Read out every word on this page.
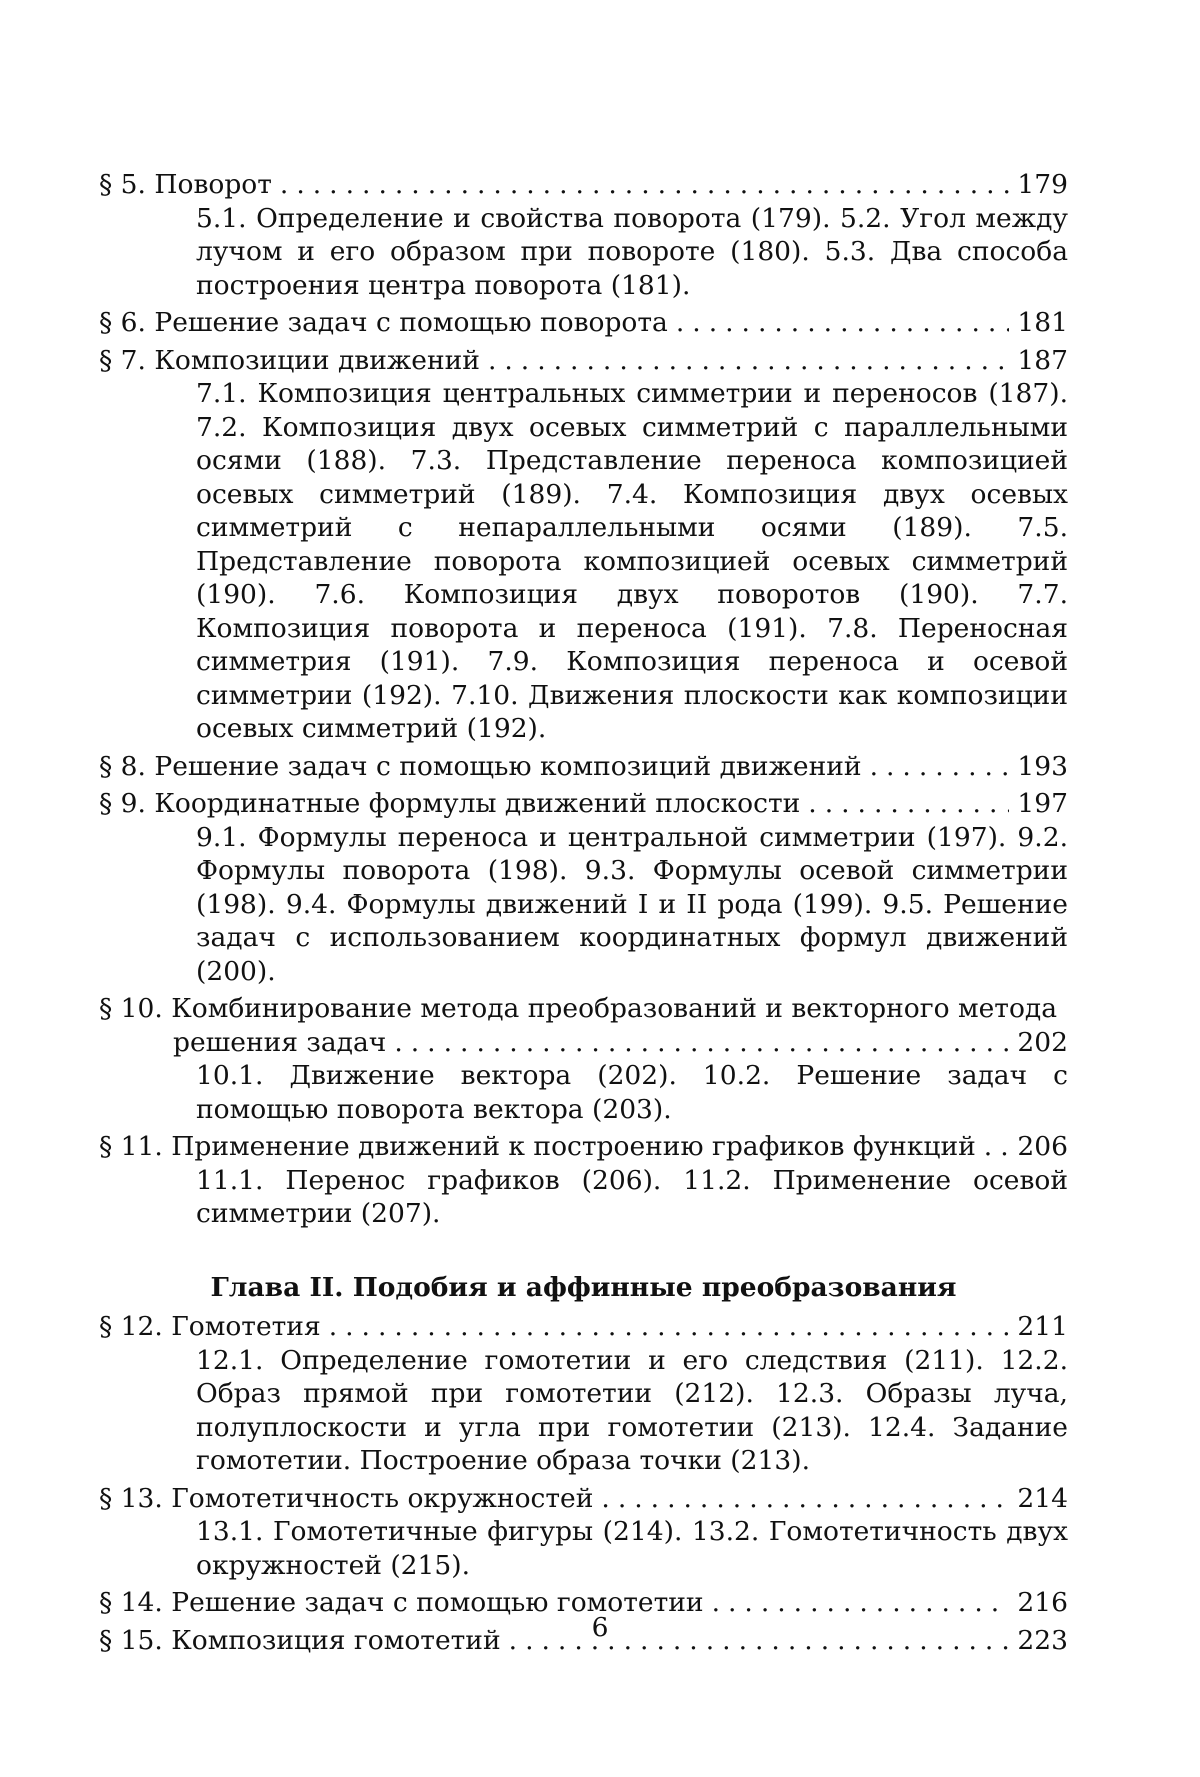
§ 5. Поворот ............................................ 179
5.1. Определение и свойства поворота (179). 5.2. Угол между лучом и его образом при повороте (180). 5.3. Два способа построения центра поворота (181).
§ 6. Решение задач с помощью поворота .................... 181
§ 7. Композиции движений ............................... 187
7.1. Композиция центральных симметрии и переносов (187). 7.2. Композиция двух осевых симметрий с параллельными осями (188). 7.3. Представление переноса композицией осевых симметрий (189). 7.4. Композиция двух осевых симметрий с непараллельными осями (189). 7.5. Представление поворота композицией осевых симметрий (190). 7.6. Композиция двух поворотов (190). 7.7. Композиция поворота и переноса (191). 7.8. Переносная симметрия (191). 7.9. Композиция переноса и осевой симметрии (192). 7.10. Движения плоскости как композиции осевых симметрий (192).
§ 8. Решение задач с помощью композиций движений ........ 193
§ 9. Координатные формулы движений плоскости .............
197
9.1. Формулы переноса и центральной симметрии (197). 9.2. Формулы поворота (198). 9.3. Формулы осевой симметрии (198). 9.4. Формулы движений I и II рода (199). 9.5. Решение задач с использованием координатных формул движений (200).
§ 10. Комбинирование метода преобразований и векторного метода
решения задач ..................................... 202
10.1. Движение вектора (202). 10.2. Решение задач с помощью поворота вектора (203).
§ 11. Применение движений к построению графиков функций . 206
11.1. Перенос графиков (206). 11.2. Применение осевой симметрии (207).
Глава II. Подобия и аффинные преобразования
§ 12. Гомотетия ......................................... 211
12.1. Определение гомотетии и его следствия (211). 12.2. Образ прямой при гомотетии (212). 12.3. Образы луча, полуплоскости и угла при гомотетии (213). 12.4. Задание гомотетии. Построение образа точки (213).
§ 13. Гомотетичность окружностей ...........................
214
13.1. Гомотетичные фигуры (214). 13.2. Гомотетичность двух окружностей (215).
§ 14. Решение задач с помощью гомотетии .................. 216
§ 15. Композиция гомотетий .............................. 223
6
